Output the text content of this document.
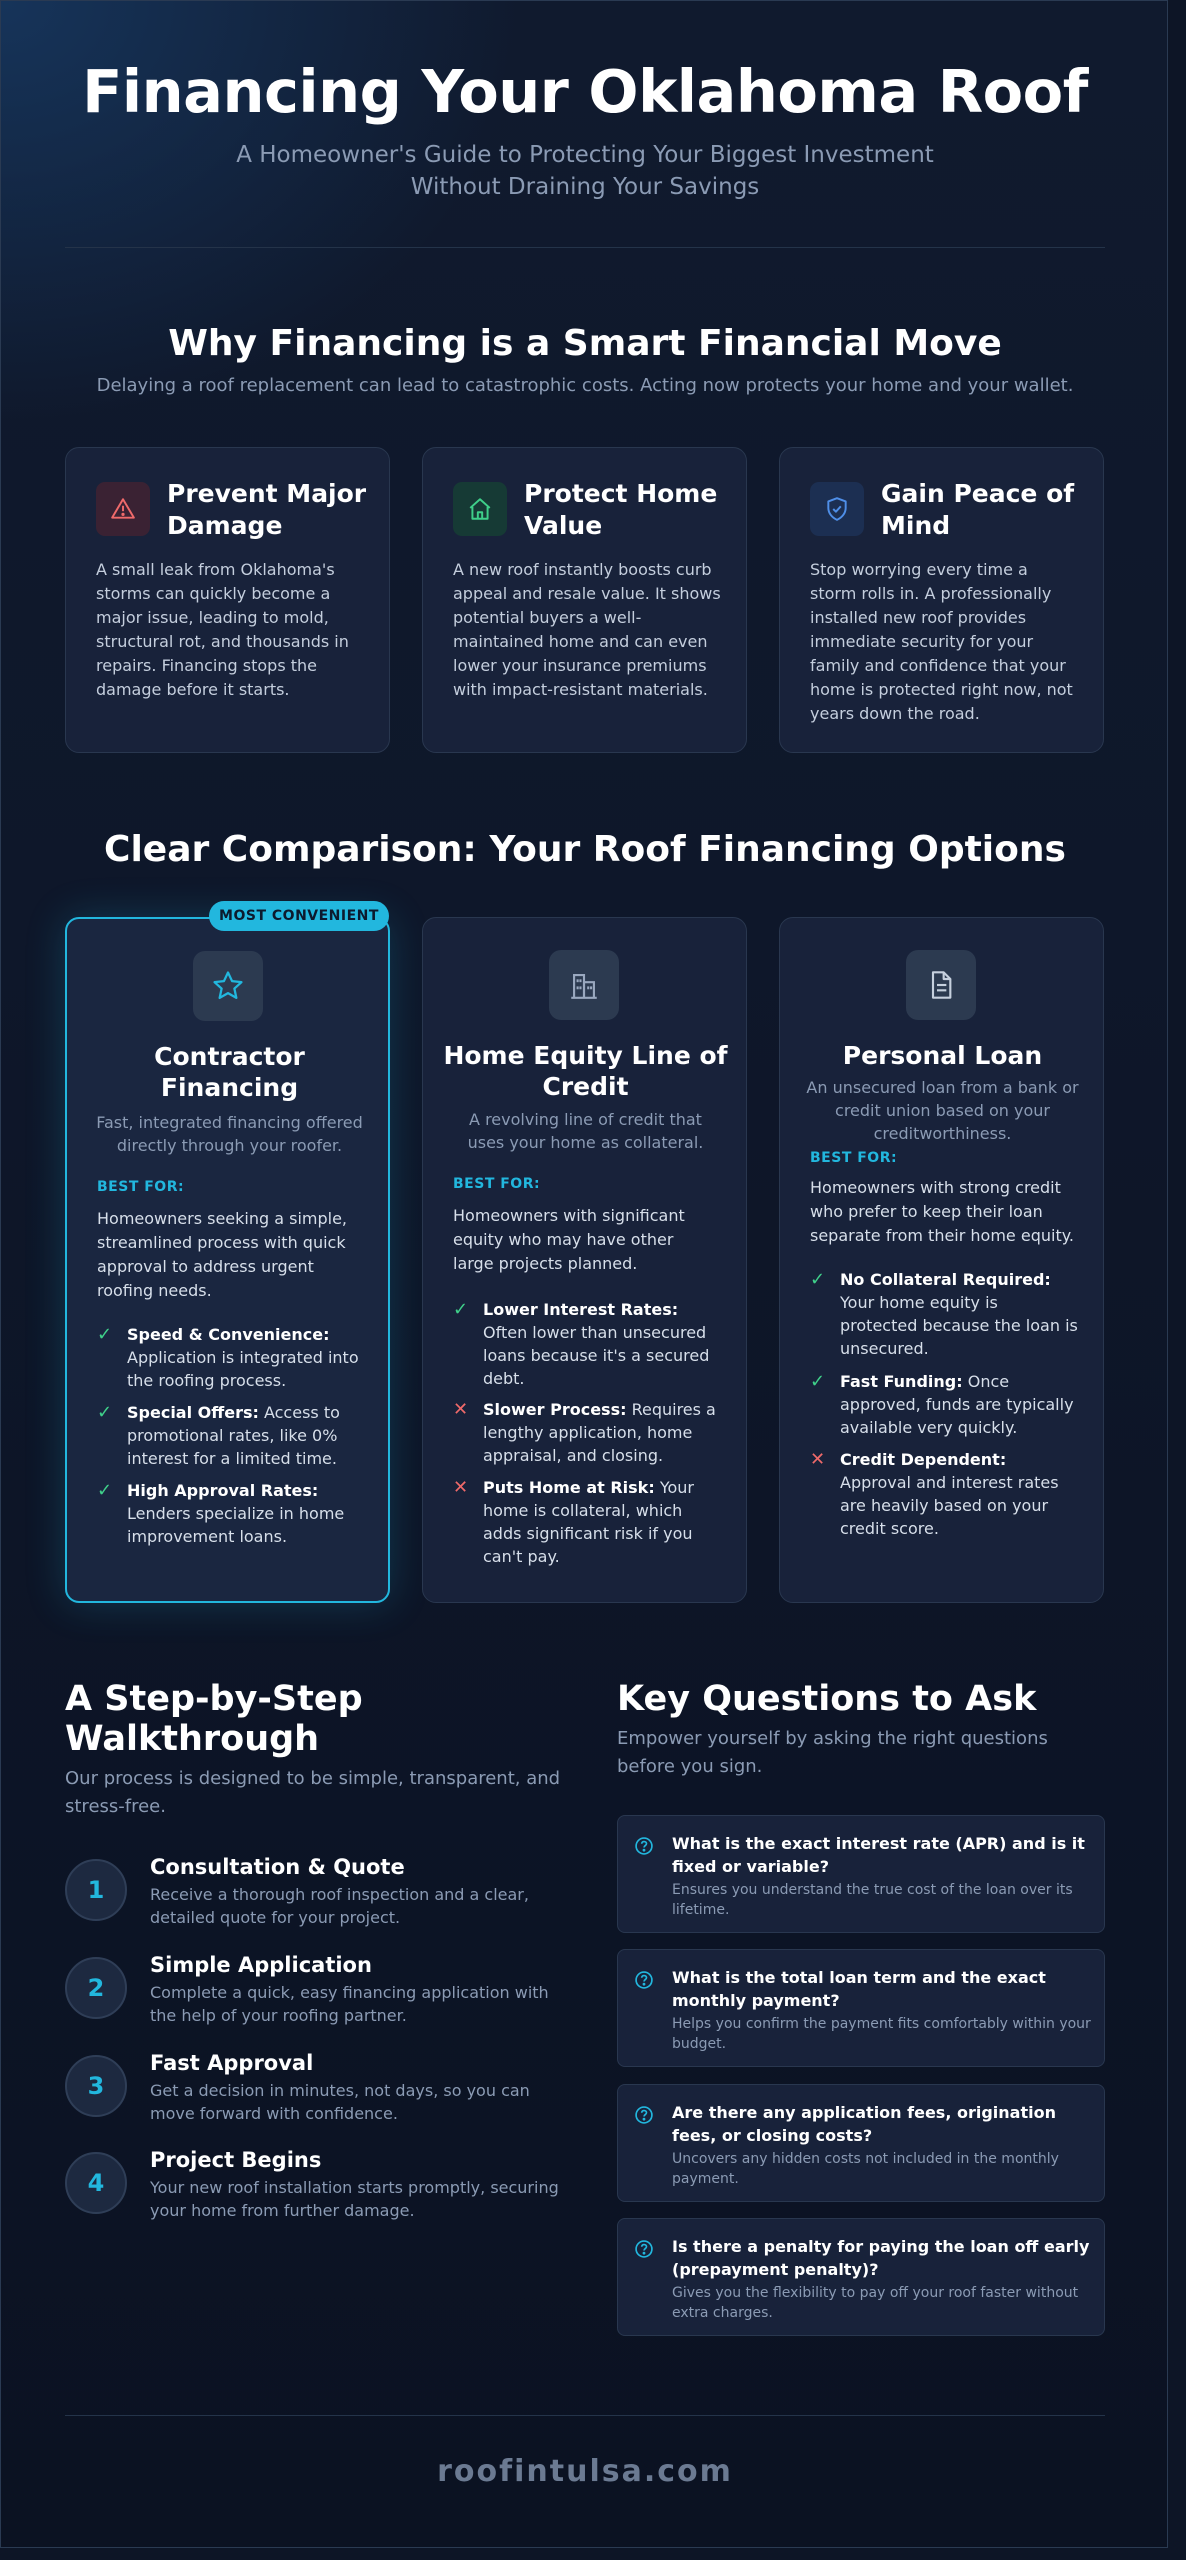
Financing Your Oklahoma Roof

A Homeowner's Guide to Protecting Your Biggest Investment Without Draining Your Savings

Why Financing is a Smart Financial Move

Delaying a roof replacement can lead to catastrophic costs. Acting now protects your home and your wallet.

Prevent Major Damage
A small leak from Oklahoma's storms can quickly become a major issue, leading to mold, structural rot, and thousands in repairs. Financing stops the damage before it starts.
Protect Home Value
A new roof instantly boosts curb appeal and resale value. It shows potential buyers a well-maintained home and can even lower your insurance premiums with impact-resistant materials.
Gain Peace of Mind
Stop worrying every time a storm rolls in. A professionally installed new roof provides immediate security for your family and confidence that your home is protected right now, not years down the road.
Clear Comparison: Your Roof Financing Options
MOST CONVENIENT
Contractor Financing
Fast, integrated financing offered directly through your roofer.
BEST FOR:
Homeowners seeking a simple, streamlined process with quick approval to address urgent roofing needs.
✓ Speed & Convenience: Application is integrated into the roofing process.
✓ Special Offers: Access to promotional rates, like 0% interest for a limited time.
✓ High Approval Rates: Lenders specialize in home improvement loans.
Home Equity Line of Credit
A revolving line of credit that uses your home as collateral.
BEST FOR:
Homeowners with significant equity who may have other large projects planned.
✓ Lower Interest Rates: Often lower than unsecured loans because it's a secured debt.
✕ Slower Process: Requires a lengthy application, home appraisal, and closing.
✕ Puts Home at Risk: Your home is collateral, which adds significant risk if you can't pay.
Personal Loan
An unsecured loan from a bank or credit union based on your creditworthiness.
BEST FOR:
Homeowners with strong credit who prefer to keep their loan separate from their home equity.
✓ No Collateral Required: Your home equity is protected because the loan is unsecured.
✓ Fast Funding: Once approved, funds are typically available very quickly.
✕ Credit Dependent: Approval and interest rates are heavily based on your credit score.
A Step-by-Step Walkthrough

Our process is designed to be simple, transparent, and stress-free.

1
Consultation & Quote
Receive a thorough roof inspection and a clear, detailed quote for your project.
2
Simple Application
Complete a quick, easy financing application with the help of your roofing partner.
3
Fast Approval
Get a decision in minutes, not days, so you can move forward with confidence.
4
Project Begins
Your new roof installation starts promptly, securing your home from further damage.
Key Questions to Ask

Empower yourself by asking the right questions before you sign.

What is the exact interest rate (APR) and is it fixed or variable?
Ensures you understand the true cost of the loan over its lifetime.
What is the total loan term and the exact monthly payment?
Helps you confirm the payment fits comfortably within your budget.
Are there any application fees, origination fees, or closing costs?
Uncovers any hidden costs not included in the monthly payment.
Is there a penalty for paying the loan off early (prepayment penalty)?
Gives you the flexibility to pay off your roof faster without extra charges.
roofintulsa.com
